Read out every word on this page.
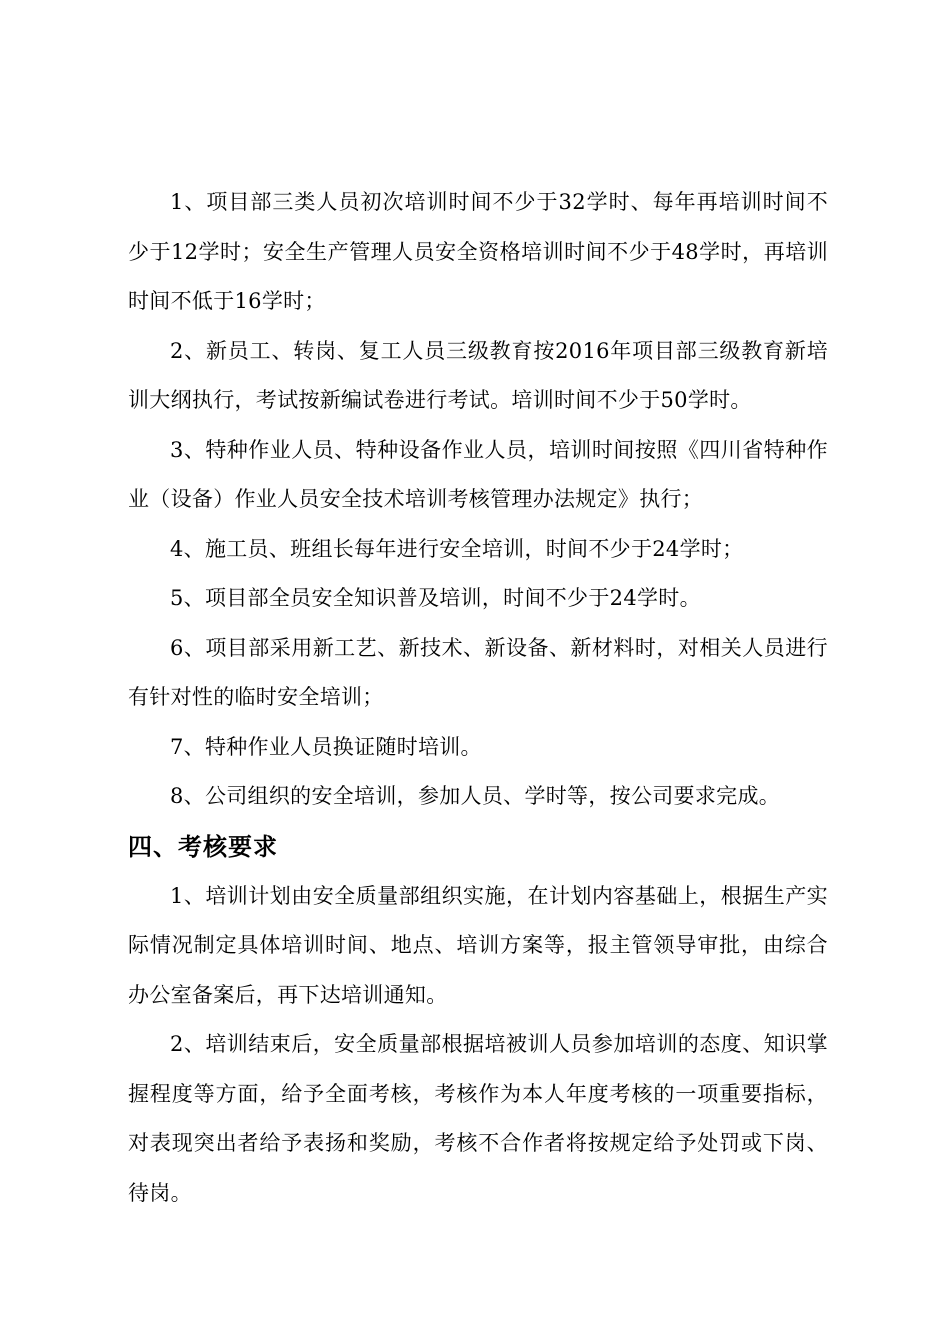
1、项目部三类人员初次培训时间不少于32学时、每年再培训时间不少于12学时；安全生产管理人员安全资格培训时间不少于48学时，再培训时间不低于16学时；

2、新员工、转岗、复工人员三级教育按2016年项目部三级教育新培训大纲执行，考试按新编试卷进行考试。培训时间不少于50学时。

3、特种作业人员、特种设备作业人员，培训时间按照《四川省特种作业（设备）作业人员安全技术培训考核管理办法规定》执行；

4、施工员、班组长每年进行安全培训，时间不少于24学时；

5、项目部全员安全知识普及培训，时间不少于24学时。

6、项目部采用新工艺、新技术、新设备、新材料时，对相关人员进行有针对性的临时安全培训；

7、特种作业人员换证随时培训。

8、公司组织的安全培训，参加人员、学时等，按公司要求完成。

四、考核要求

1、培训计划由安全质量部组织实施，在计划内容基础上，根据生产实际情况制定具体培训时间、地点、培训方案等，报主管领导审批，由综合办公室备案后，再下达培训通知。

2、培训结束后，安全质量部根据培被训人员参加培训的态度、知识掌握程度等方面，给予全面考核，考核作为本人年度考核的一项重要指标，对表现突出者给予表扬和奖励，考核不合作者将按规定给予处罚或下岗、待岗。
